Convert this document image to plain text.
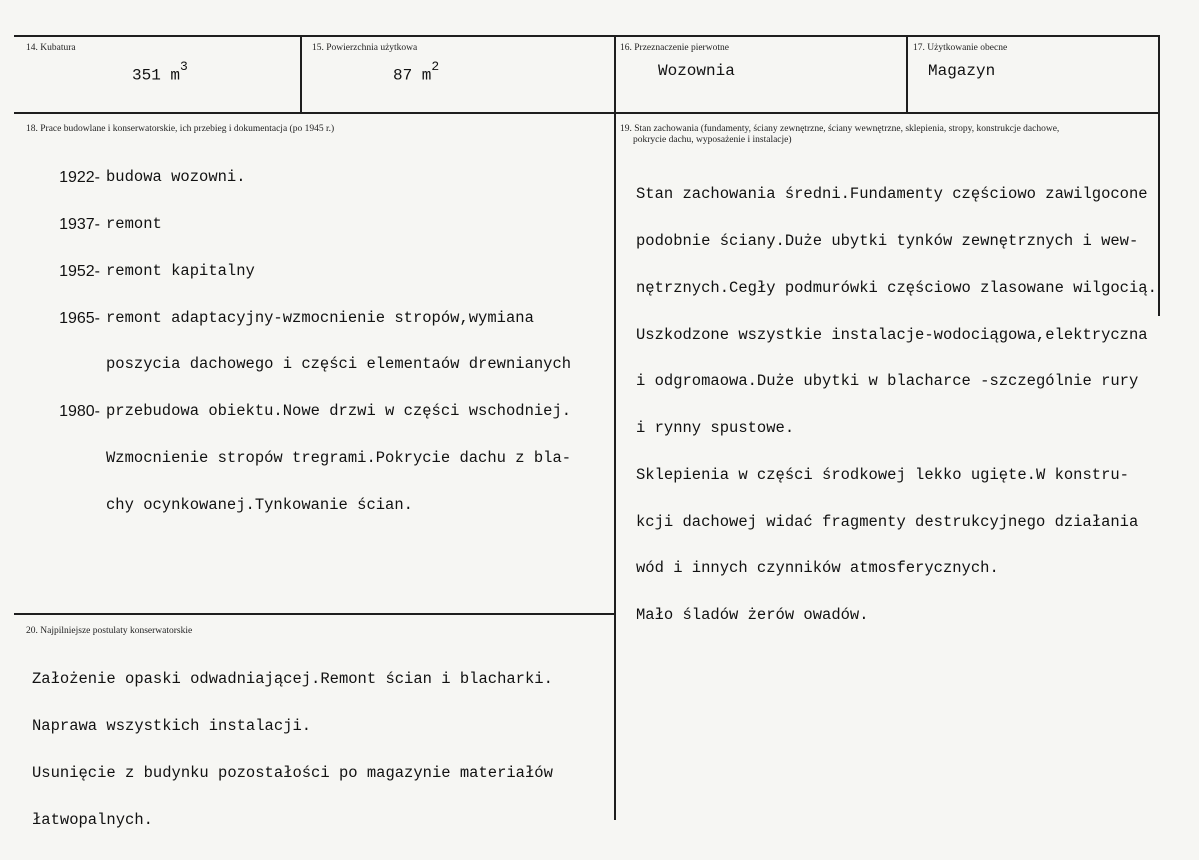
14. Kubatura
351 $m^3$
15. Powierzchnia użytkowa
87 $m^2$
16. Przeznaczenie pierwotne
Wozownia
17. Użytkowanie obecne
Magazyn
18. Prace budowlane i konserwatorskie, ich przebieg i dokumentacja (po 1945 r.)

1922- budowa wozowni.

1937- remont

1952- remont kapitalny

1965- remont adaptacyjny-wzmocnienie stropów,wymiana

poszycia dachowego i części elementaów drewnianych

1980- przebudowa obiektu.Nowe drzwi w części wschodniej.

Wzmocnienie stropów tregrami.Pokrycie dachu z bla-

chy ocynkowanej.Tynkowanie ścian.

19. Stan zachowania (fundamenty, ściany zewnętrzne, ściany wewnętrzne, sklepienia, stropy, konstrukcje dachowe,
pokrycie dachu, wyposażenie i instalacje)

Stan zachowania średni.Fundamenty częściowo zawilgocone

podobnie ściany.Duże ubytki tynków zewnętrznych i wew-

nętrznych.Cegły podmurówki częściowo zlasowane wilgocią.

Uszkodzone wszystkie instalacje-wodociągowa,elektryczna

i odgromaowa.Duże ubytki w blacharce -szczególnie rury

i rynny spustowe.

Sklepienia w części środkowej lekko ugięte.W konstru-

kcji dachowej widać fragmenty destrukcyjnego działania

wód i innych czynników atmosferycznych.

Mało śladów żerów owadów.

20. Najpilniejsze postulaty konserwatorskie

Założenie opaski odwadniającej.Remont ścian i blacharki.

Naprawa wszystkich instalacji.

Usunięcie z budynku pozostałości po magazynie materiałów

łatwopalnych.
